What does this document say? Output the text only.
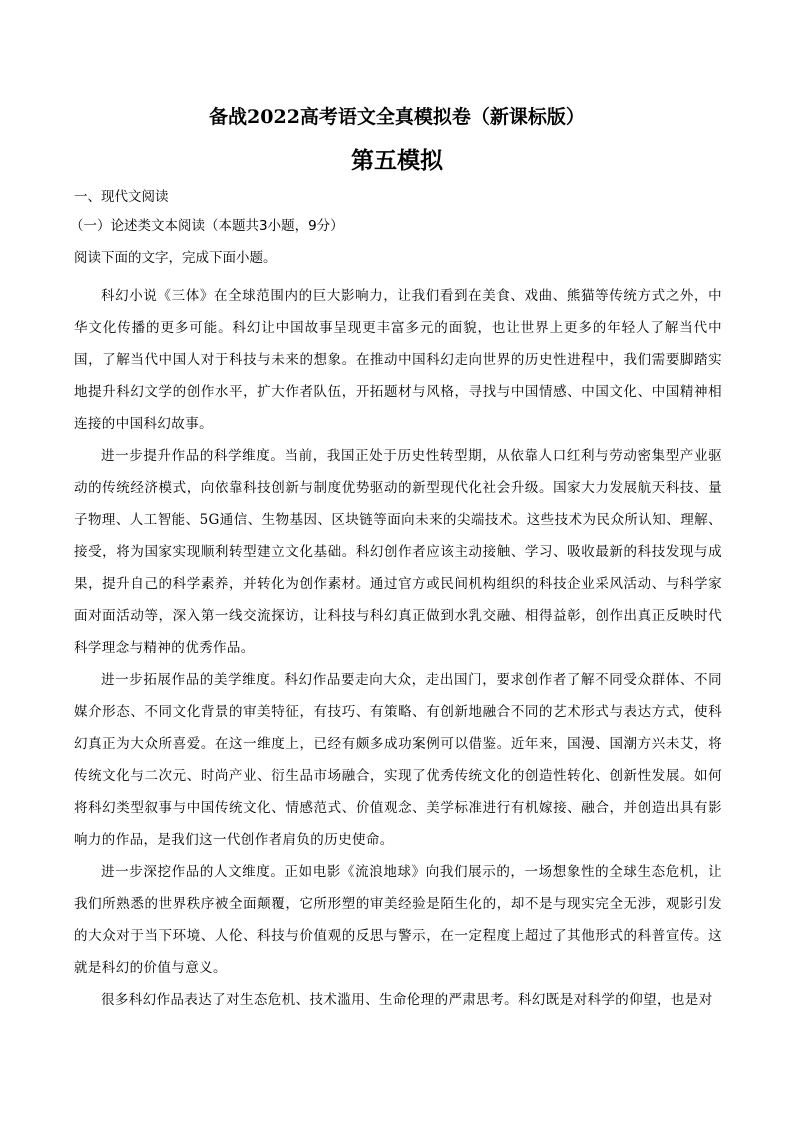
备战2022高考语文全真模拟卷（新课标版）
第五模拟
一、现代文阅读
（一）论述类文本阅读（本题共3小题，9分）
阅读下面的文字，完成下面小题。

科幻小说《三体》在全球范围内的巨大影响力，让我们看到在美食、戏曲、熊猫等传统方式之外，中华文化传播的更多可能。科幻让中国故事呈现更丰富多元的面貌，也让世界上更多的年轻人了解当代中国，了解当代中国人对于科技与未来的想象。在推动中国科幻走向世界的历史性进程中，我们需要脚踏实地提升科幻文学的创作水平，扩大作者队伍，开拓题材与风格，寻找与中国情感、中国文化、中国精神相连接的中国科幻故事。

进一步提升作品的科学维度。当前，我国正处于历史性转型期，从依靠人口红利与劳动密集型产业驱动的传统经济模式，向依靠科技创新与制度优势驱动的新型现代化社会升级。国家大力发展航天科技、量子物理、人工智能、5G通信、生物基因、区块链等面向未来的尖端技术。这些技术为民众所认知、理解、接受，将为国家实现顺利转型建立文化基础。科幻创作者应该主动接触、学习、吸收最新的科技发现与成果，提升自己的科学素养，并转化为创作素材。通过官方或民间机构组织的科技企业采风活动、与科学家面对面活动等，深入第一线交流探访，让科技与科幻真正做到水乳交融、相得益彰，创作出真正反映时代科学理念与精神的优秀作品。

进一步拓展作品的美学维度。科幻作品要走向大众，走出国门，要求创作者了解不同受众群体、不同媒介形态、不同文化背景的审美特征，有技巧、有策略、有创新地融合不同的艺术形式与表达方式，使科幻真正为大众所喜爱。在这一维度上，已经有颇多成功案例可以借鉴。近年来，国漫、国潮方兴未艾，将传统文化与二次元、时尚产业、衍生品市场融合，实现了优秀传统文化的创造性转化、创新性发展。如何将科幻类型叙事与中国传统文化、情感范式、价值观念、美学标准进行有机嫁接、融合，并创造出具有影响力的作品，是我们这一代创作者肩负的历史使命。

进一步深挖作品的人文维度。正如电影《流浪地球》向我们展示的，一场想象性的全球生态危机，让我们所熟悉的世界秩序被全面颠覆，它所形塑的审美经验是陌生化的，却不是与现实完全无涉，观影引发的大众对于当下环境、人伦、科技与价值观的反思与警示，在一定程度上超过了其他形式的科普宣传。这就是科幻的价值与意义。

很多科幻作品表达了对生态危机、技术滥用、生命伦理的严肃思考。科幻既是对科学的仰望，也是对
